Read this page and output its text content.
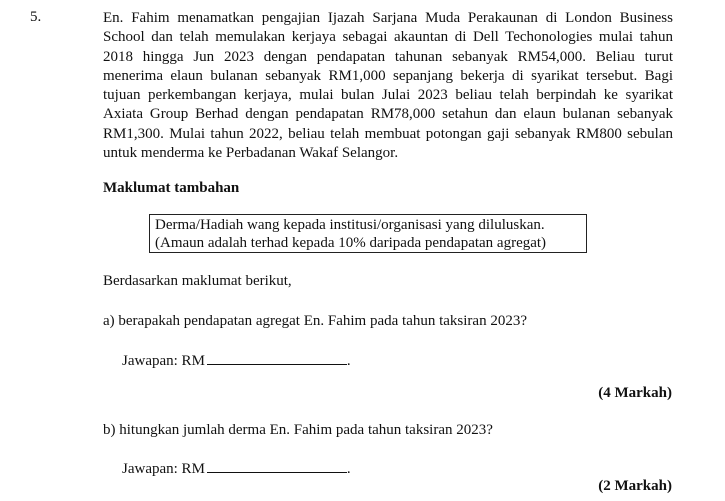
5.	En. Fahim menamatkan pengajian Ijazah Sarjana Muda Perakaunan di London Business School dan telah memulakan kerjaya sebagai akauntan di Dell Techonologies mulai tahun 2018 hingga Jun 2023 dengan pendapatan tahunan sebanyak RM54,000. Beliau turut menerima elaun bulanan sebanyak RM1,000 sepanjang bekerja di syarikat tersebut. Bagi tujuan perkembangan kerjaya, mulai bulan Julai 2023 beliau telah berpindah ke syarikat Axiata Group Berhad dengan pendapatan RM78,000 setahun dan elaun bulanan sebanyak RM1,300. Mulai tahun 2022, beliau telah membuat potongan gaji sebanyak RM800 sebulan untuk menderma ke Perbadanan Wakaf Selangor.
Maklumat tambahan
Derma/Hadiah wang kepada institusi/organisasi yang diluluskan.
(Amaun adalah terhad kepada 10% daripada pendapatan agregat)
Berdasarkan maklumat berikut,
a) berapakah pendapatan agregat En. Fahim pada tahun taksiran 2023?
Jawapan: RM	.
(4 Markah)
b) hitungkan jumlah derma En. Fahim pada tahun taksiran 2023?
Jawapan: RM	.
(2 Markah)
